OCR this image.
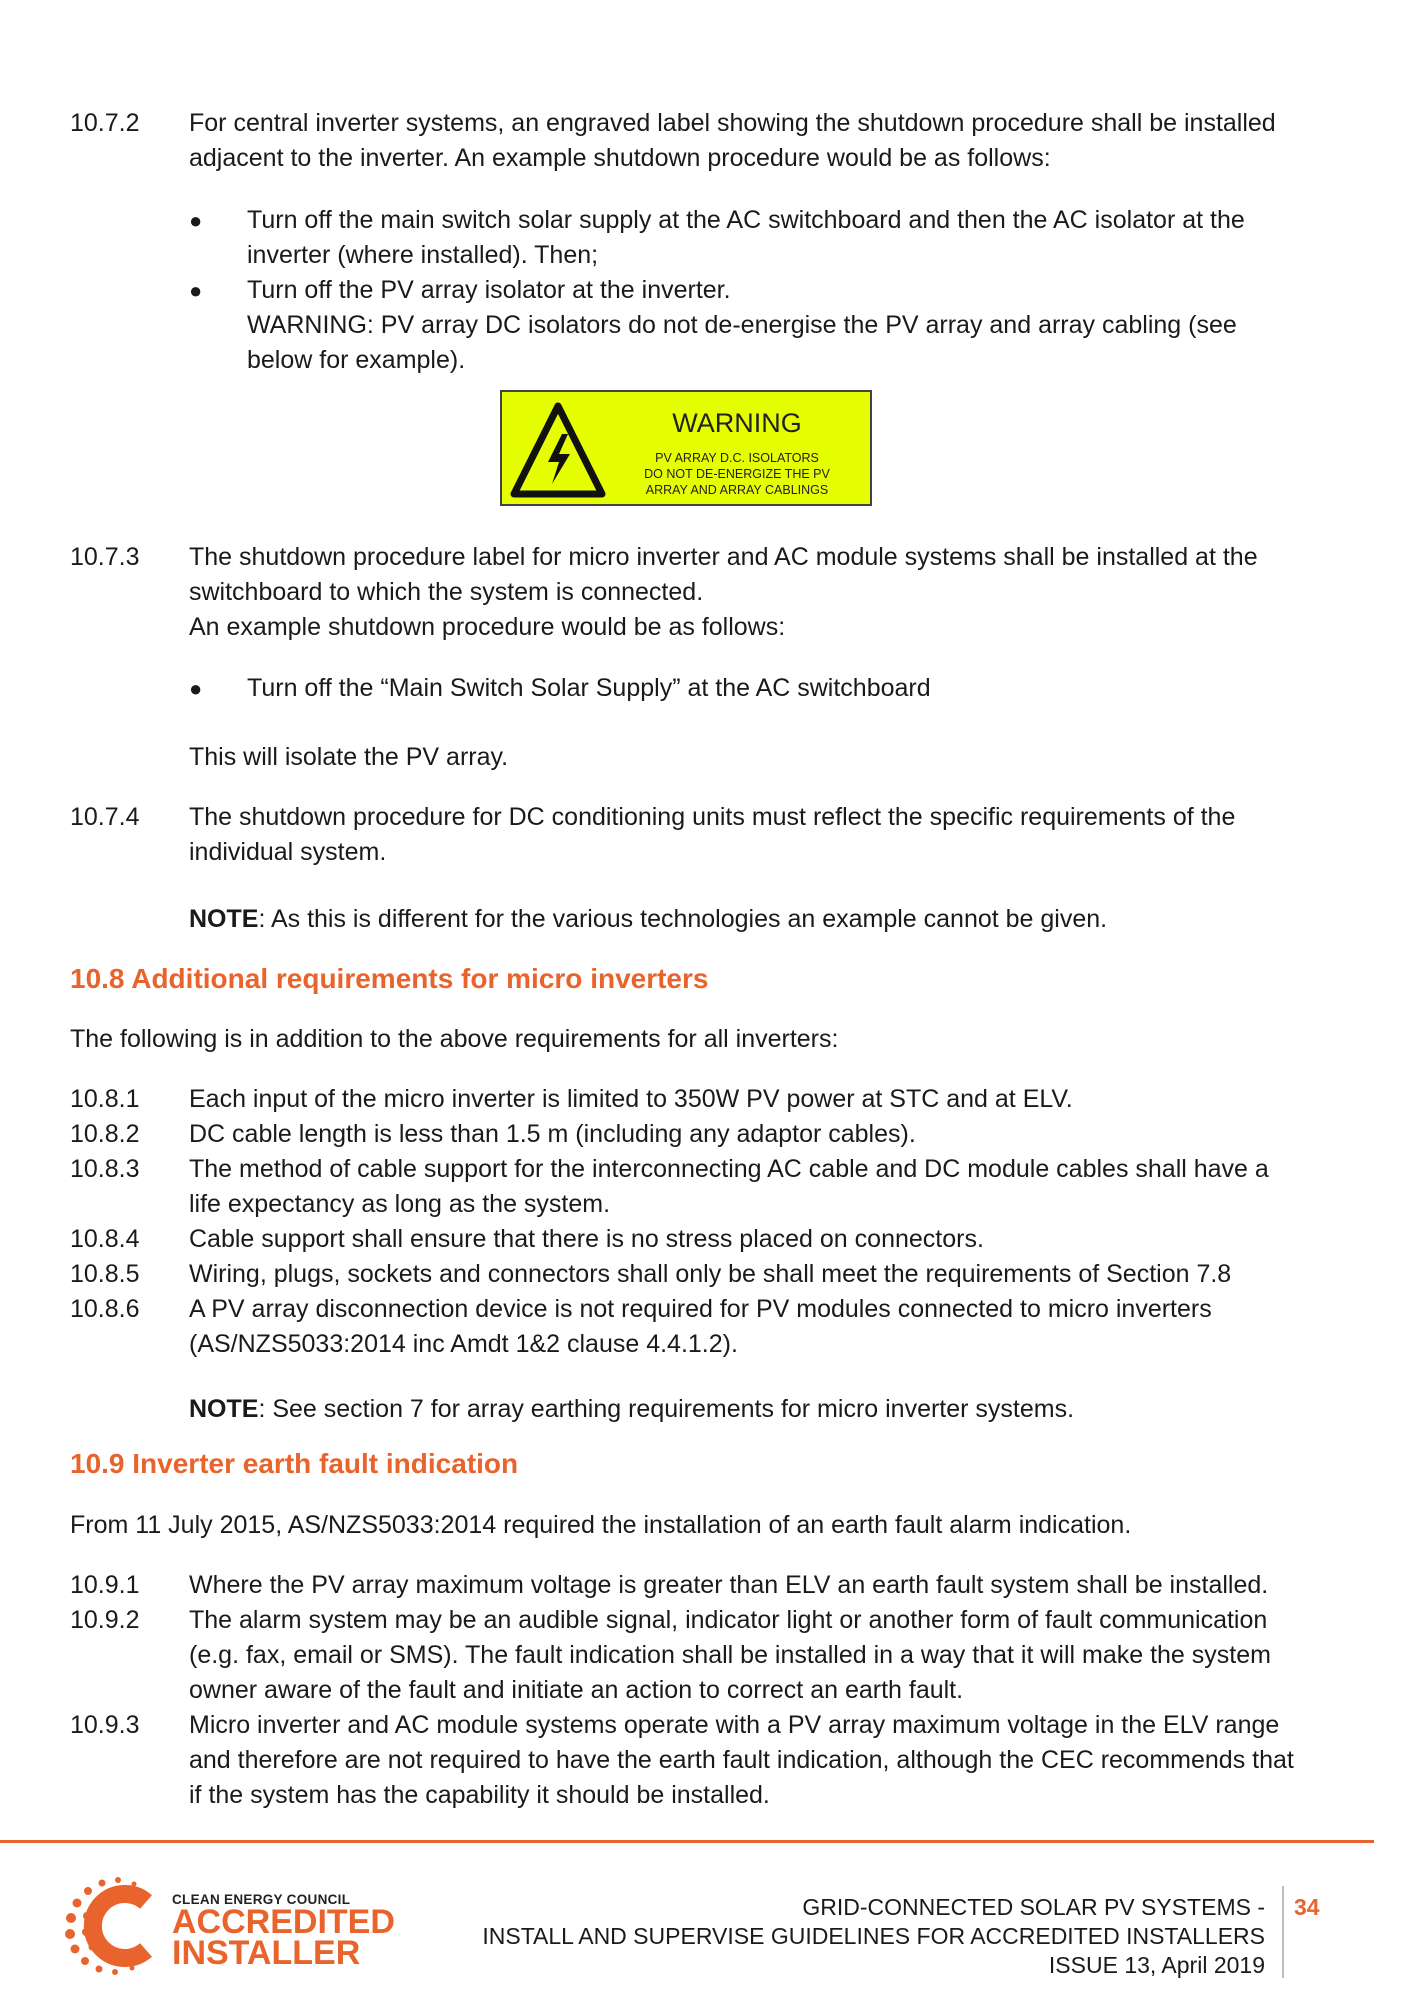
10.7.2	For central inverter systems, an engraved label showing the shutdown procedure shall be installed
adjacent to the inverter. An example shutdown procedure would be as follows:
● Turn off the main switch solar supply at the AC switchboard and then the AC isolator at the
inverter (where installed). Then;
● Turn off the PV array isolator at the inverter.
WARNING: PV array DC isolators do not de-energise the PV array and array cabling (see
below for example).
WARNING
PV ARRAY D.C. ISOLATORS
DO NOT DE-ENERGIZE THE PV
ARRAY AND ARRAY CABLINGS
10.7.3	The shutdown procedure label for micro inverter and AC module systems shall be installed at the
switchboard to which the system is connected.
An example shutdown procedure would be as follows:
● Turn off the “Main Switch Solar Supply” at the AC switchboard
This will isolate the PV array.
10.7.4	The shutdown procedure for DC conditioning units must reflect the specific requirements of the
individual system.
NOTE: As this is different for the various technologies an example cannot be given.
10.8 Additional requirements for micro inverters
The following is in addition to the above requirements for all inverters:
10.8.1	Each input of the micro inverter is limited to 350W PV power at STC and at ELV.
10.8.2	DC cable length is less than 1.5 m (including any adaptor cables).
10.8.3	The method of cable support for the interconnecting AC cable and DC module cables shall have a
life expectancy as long as the system.
10.8.4	Cable support shall ensure that there is no stress placed on connectors.
10.8.5	Wiring, plugs, sockets and connectors shall only be shall meet the requirements of Section 7.8
10.8.6	A PV array disconnection device is not required for PV modules connected to micro inverters
(AS/NZS5033:2014 inc Amdt 1&2 clause 4.4.1.2).
NOTE: See section 7 for array earthing requirements for micro inverter systems.
10.9 Inverter earth fault indication
From 11 July 2015, AS/NZS5033:2014 required the installation of an earth fault alarm indication.
10.9.1	Where the PV array maximum voltage is greater than ELV an earth fault system shall be installed.
10.9.2	The alarm system may be an audible signal, indicator light or another form of fault communication
(e.g. fax, email or SMS). The fault indication shall be installed in a way that it will make the system
owner aware of the fault and initiate an action to correct an earth fault.
10.9.3	Micro inverter and AC module systems operate with a PV array maximum voltage in the ELV range
and therefore are not required to have the earth fault indication, although the CEC recommends that
if the system has the capability it should be installed.
CLEAN ENERGY COUNCIL
ACCREDITED
INSTALLER
GRID-CONNECTED SOLAR PV SYSTEMS -
INSTALL AND SUPERVISE GUIDELINES FOR ACCREDITED INSTALLERS
ISSUE 13, April 2019
34
